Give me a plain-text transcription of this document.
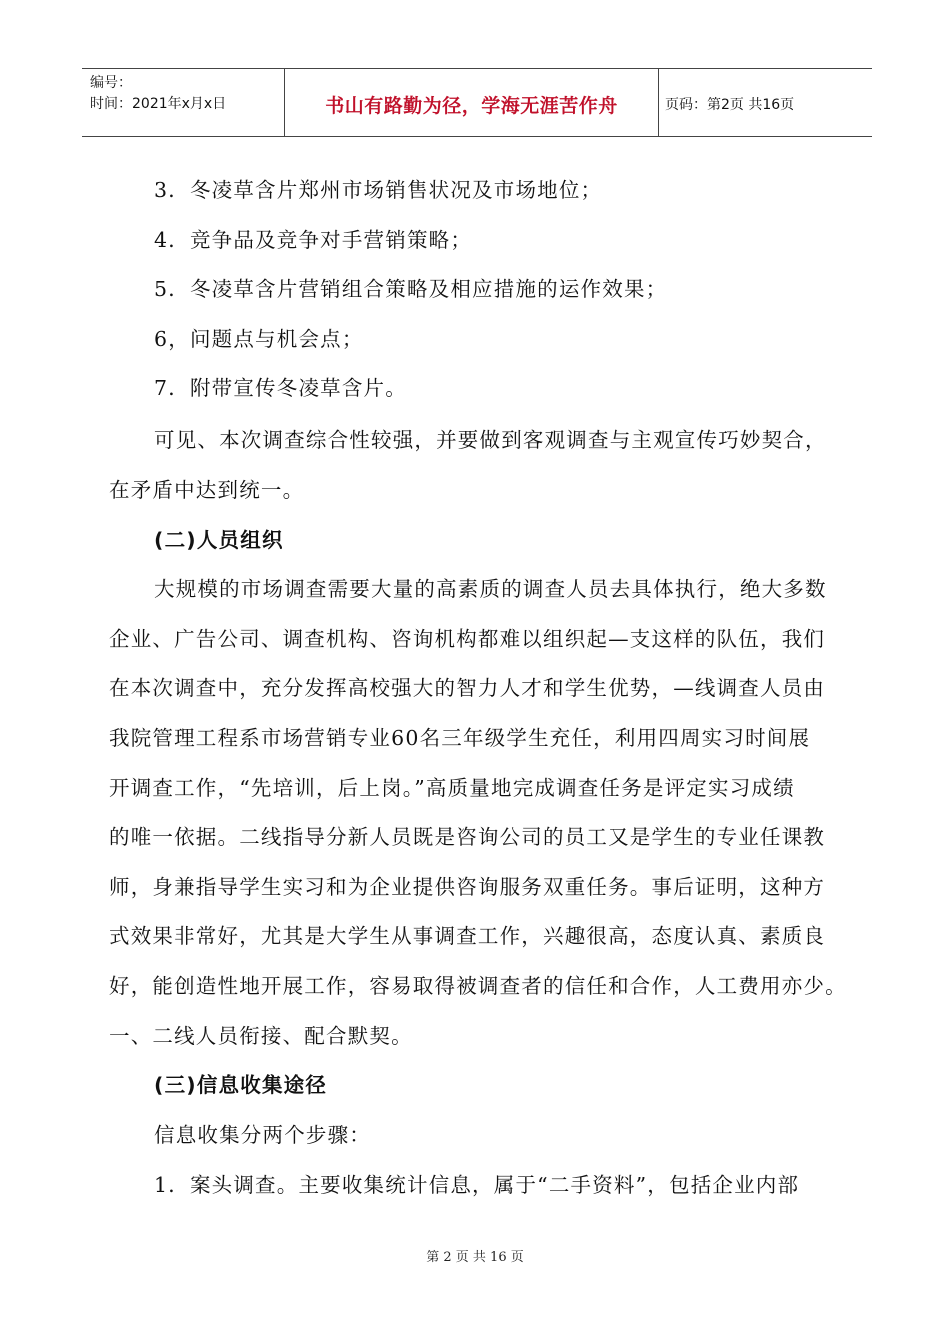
编号：
时间：2021年x月x日	书山有路勤为径，学海无涯苦作舟	页码：第2页 共16页
3．冬凌草含片郑州市场销售状况及市场地位；
4．竞争品及竞争对手营销策略；
5．冬凌草含片营销组合策略及相应措施的运作效果；
6，问题点与机会点；
7．附带宣传冬凌草含片。
可见、本次调查综合性较强，并要做到客观调查与主观宣传巧妙契合，
在矛盾中达到统一。
(二)人员组织
大规模的市场调查需要大量的高素质的调查人员去具体执行，绝大多数
企业、广告公司、调查机构、咨询机构都难以组织起—支这样的队伍，我们
在本次调查中，充分发挥高校强大的智力人才和学生优势，—线调查人员由
我院管理工程系市场营销专业60名三年级学生充任，利用四周实习时间展
开调查工作，“先培训，后上岗。”高质量地完成调查任务是评定实习成绩
的唯一依据。二线指导分新人员既是咨询公司的员工又是学生的专业任课教
师，身兼指导学生实习和为企业提供咨询服务双重任务。事后证明，这种方
式效果非常好，尤其是大学生从事调查工作，兴趣很高，态度认真、素质良
好，能创造性地开展工作，容易取得被调查者的信任和合作，人工费用亦少。
一、二线人员衔接、配合默契。
(三)信息收集途径
信息收集分两个步骤：
1．案头调查。主要收集统计信息，属于“二手资料”，包括企业内部
第 2 页 共 16 页
